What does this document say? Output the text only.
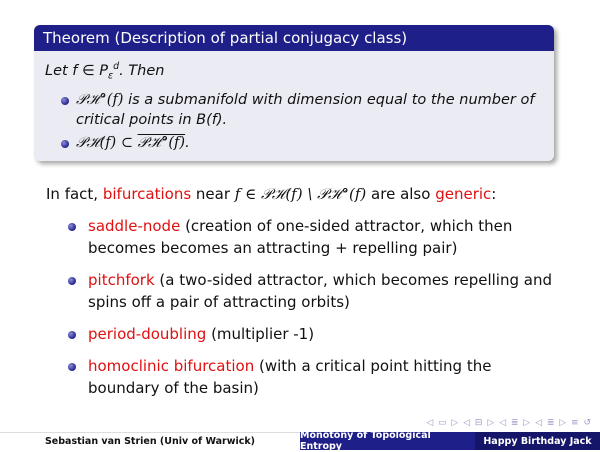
Theorem (Description of partial conjugacy class)
Let f ∈ $P_\varepsilon^d$. Then
𝒫ℋ°(f) is a submanifold with dimension equal to the number of critical points in B(f).
𝒫ℋ(f) ⊂ 𝒫ℋ°(f).
In fact, bifurcations near f ∈ 𝒫ℋ(f) \ 𝒫ℋ°(f) are also generic:
saddle-node (creation of one-sided attractor, which then becomes becomes an attracting + repelling pair)
pitchfork (a two-sided attractor, which becomes repelling and spins off a pair of attracting orbits)
period-doubling (multiplier -1)
homoclinic bifurcation (with a critical point hitting the boundary of the basin)
◁ ▭ ▷ ◁ ⊟ ▷ ◁ ≣ ▷ ◁ ≣ ▷ ≡ ↺
Sebastian van Strien (Univ of Warwick)
Monotony of Topological Entropy	Happy Birthday Jack
